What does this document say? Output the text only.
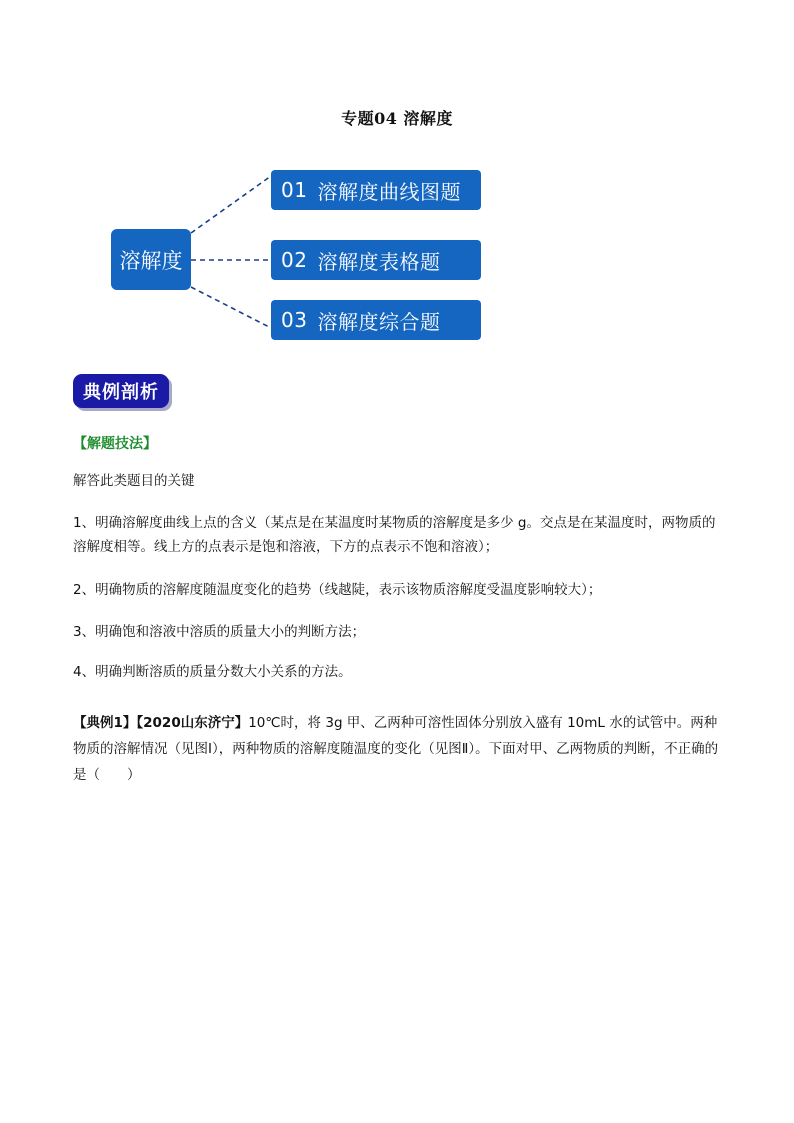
专题04 溶解度
溶解度
01 溶解度曲线图题
02 溶解度表格题
03 溶解度综合题
典例剖析
【解题技法】
解答此类题目的关键
1、明确溶解度曲线上点的含义（某点是在某温度时某物质的溶解度是多少 g。交点是在某温度时，两物质的溶解度相等。线上方的点表示是饱和溶液，下方的点表示不饱和溶液）；
2、明确物质的溶解度随温度变化的趋势（线越陡，表示该物质溶解度受温度影响较大）；
3、明确饱和溶液中溶质的质量大小的判断方法；
4、明确判断溶质的质量分数大小关系的方法。
【典例1】【2020山东济宁】10℃时，将 3g 甲、乙两种可溶性固体分别放入盛有 10mL 水的试管中。两种物质的溶解情况（见图Ⅰ），两种物质的溶解度随温度的变化（见图Ⅱ）。下面对甲、乙两物质的判断，不正确的是（　　）
